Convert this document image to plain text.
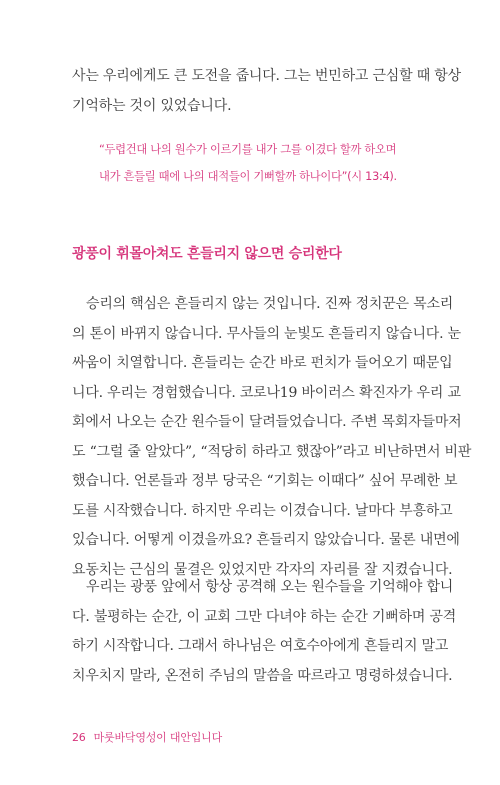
사는 우리에게도 큰 도전을 줍니다. 그는 번민하고 근심할 때 항상
기억하는 것이 있었습니다.
“두렵건대 나의 원수가 이르기를 내가 그를 이겼다 할까 하오며
내가 흔들릴 때에 나의 대적들이 기뻐할까 하나이다”(시 13:4).
광풍이 휘몰아쳐도 흔들리지 않으면 승리한다
승리의 핵심은 흔들리지 않는 것입니다. 진짜 정치꾼은 목소리
의 톤이 바뀌지 않습니다. 무사들의 눈빛도 흔들리지 않습니다. 눈
싸움이 치열합니다. 흔들리는 순간 바로 펀치가 들어오기 때문입
니다. 우리는 경험했습니다. 코로나19 바이러스 확진자가 우리 교
회에서 나오는 순간 원수들이 달려들었습니다. 주변 목회자들마저
도 “그럴 줄 알았다”, “적당히 하라고 했잖아”라고 비난하면서 비판
했습니다. 언론들과 정부 당국은 “기회는 이때다” 싶어 무례한 보
도를 시작했습니다. 하지만 우리는 이겼습니다. 날마다 부흥하고
있습니다. 어떻게 이겼을까요? 흔들리지 않았습니다. 물론 내면에
요동치는 근심의 물결은 있었지만 각자의 자리를 잘 지켰습니다.
우리는 광풍 앞에서 항상 공격해 오는 원수들을 기억해야 합니
다. 불평하는 순간, 이 교회 그만 다녀야 하는 순간 기뻐하며 공격
하기 시작합니다. 그래서 하나님은 여호수아에게 흔들리지 말고
치우치지 말라, 온전히 주님의 말씀을 따르라고 명령하셨습니다.
26 마룻바닥영성이 대안입니다
